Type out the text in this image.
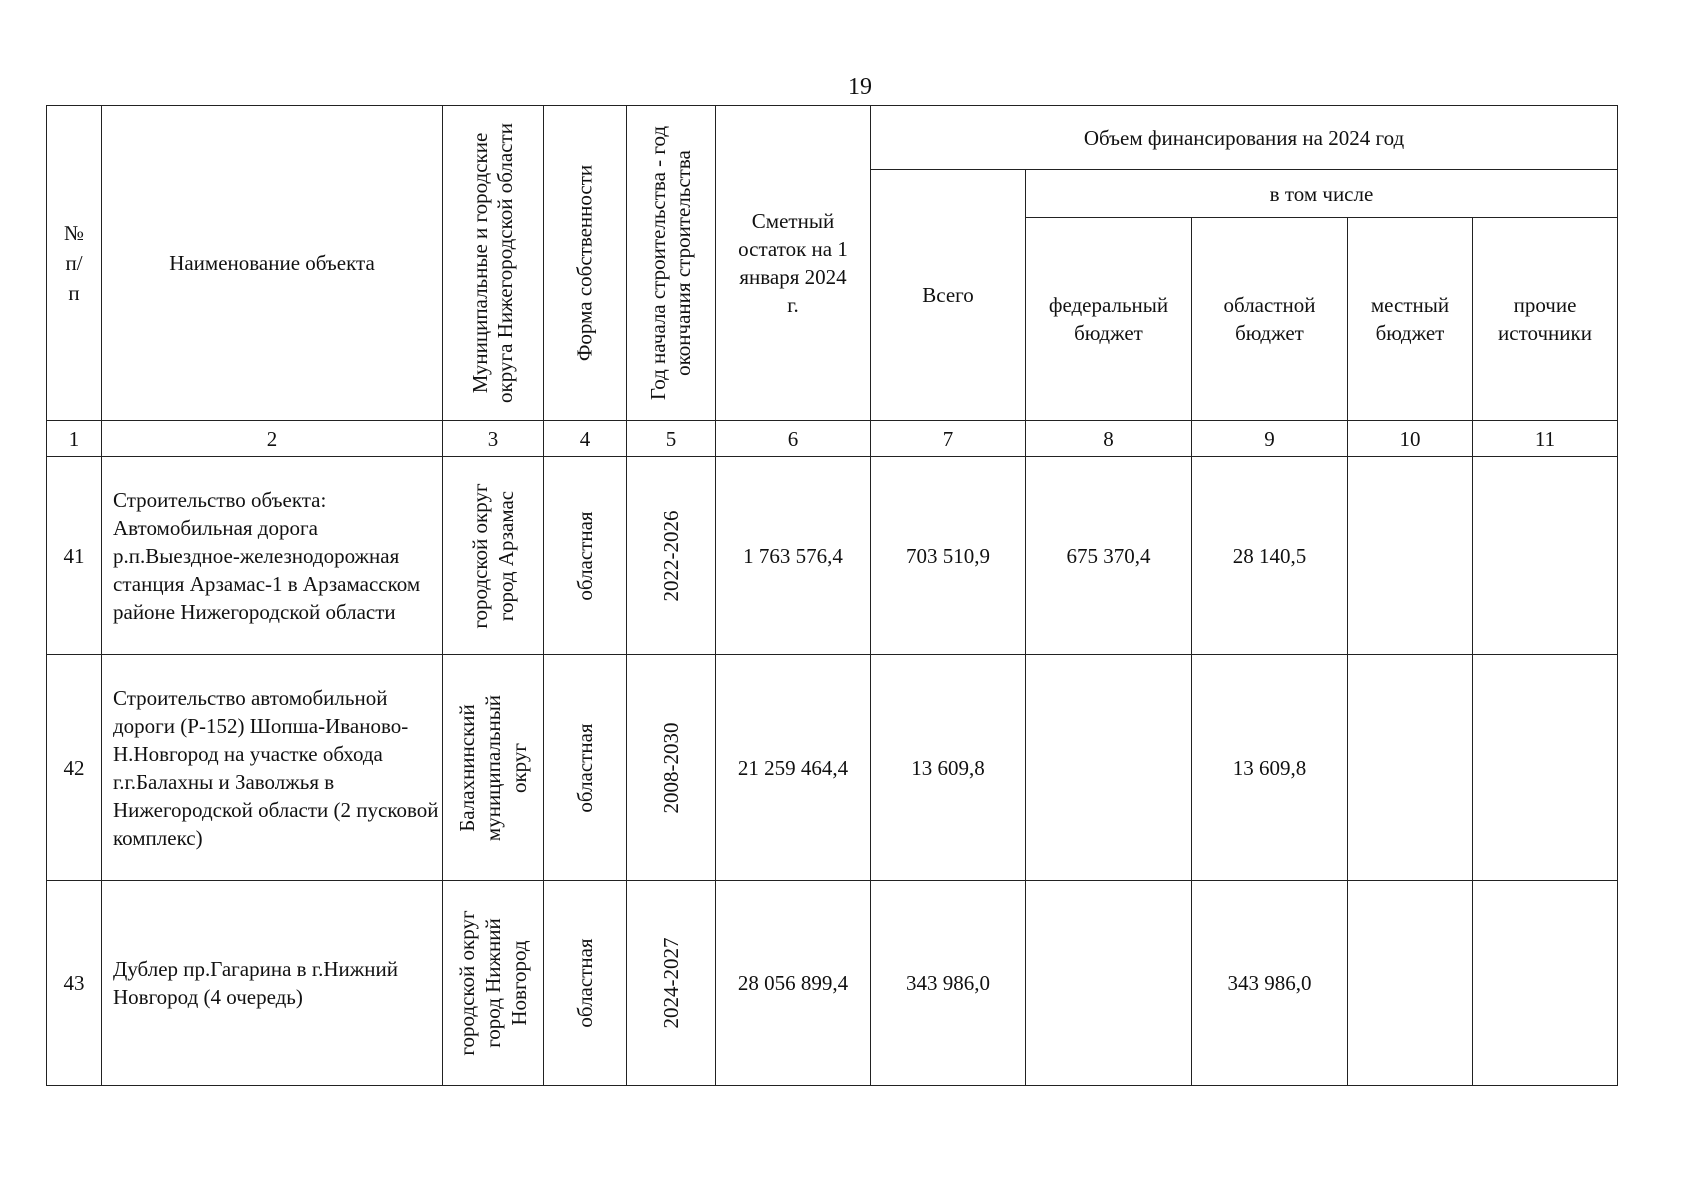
19
№ п/ п	Наименование объекта	Муниципальные и городские округа Нижегородской области	Форма собственности	Год начала строительства - год окончания строительства	Сметный остаток на 1 января 2024 г.	Объем финансирования на 2024 год				
						Всего	в том числе			

							федеральный бюджет	областной бюджет	местный бюджет	прочие источники

1	2	3	4	5	6	7	8	9	10	11
41	Строительство объекта: Автомобильная дорога р.п.Выездное-железнодорожная станция Арзамас-1 в Арзамасском районе Нижегородской области	городской округ город Арзамас	областная	2022-2026	1 763 576,4	703 510,9	675 370,4	28 140,5		
42	Строительство автомобильной дороги (Р-152) Шопша-Иваново-Н.Новгород на участке обхода г.г.Балахны и Заволжья в Нижегородской области (2 пусковой комплекс)	Балахнинский муниципальный округ	областная	2008-2030	21 259 464,4	13 609,8		13 609,8		
43	Дублер пр.Гагарина в г.Нижний Новгород (4 очередь)	городской округ город Нижний Новгород	областная	2024-2027	28 056 899,4	343 986,0		343 986,0		
